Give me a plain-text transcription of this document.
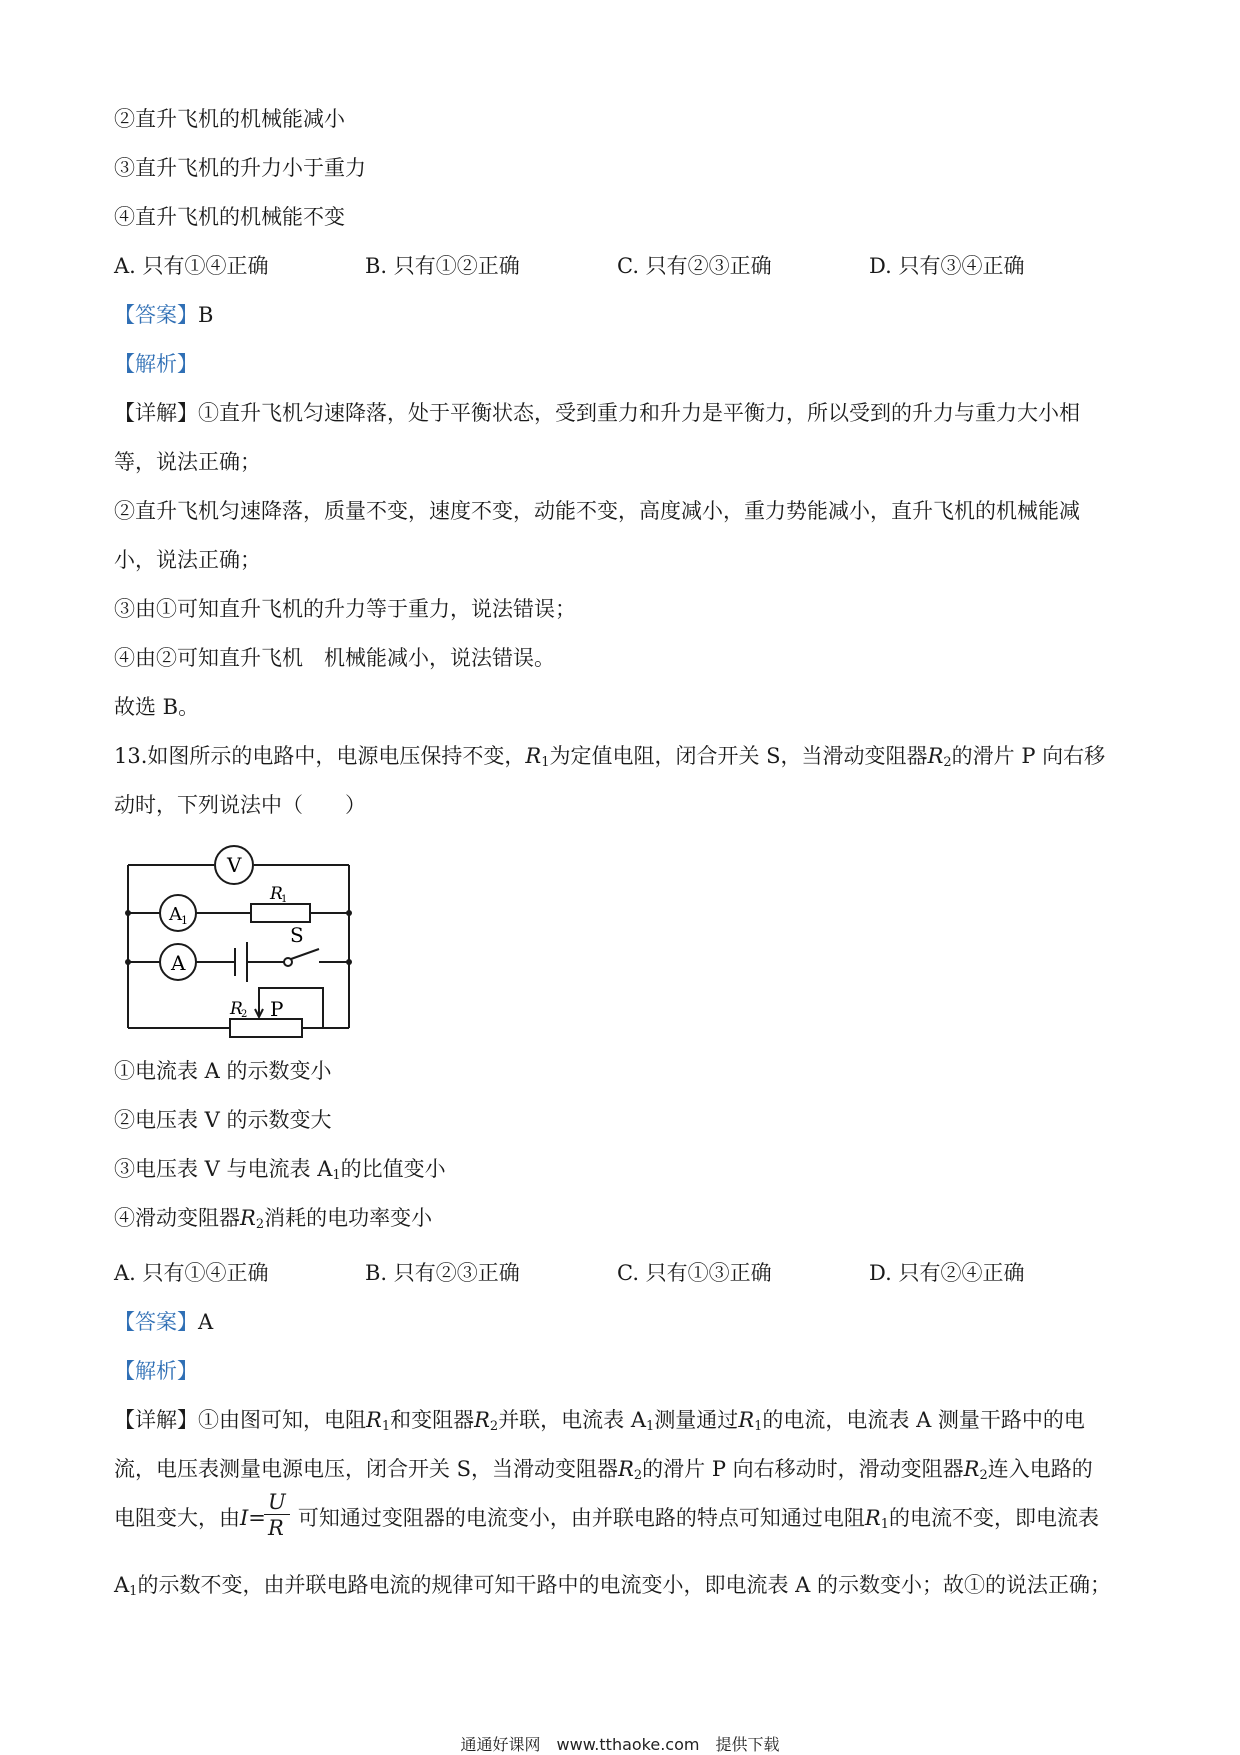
②直升飞机的机械能减小
③直升飞机的升力小于重力
④直升飞机的机械能不变
A. 只有①④正确	B. 只有①②正确	C. 只有②③正确	D. 只有③④正确
【答案】B
【解析】
【详解】①直升飞机匀速降落，处于平衡状态，受到重力和升力是平衡力，所以受到的升力与重力大小相
等，说法正确；
②直升飞机匀速降落，质量不变，速度不变，动能不变，高度减小，重力势能减小，直升飞机的机械能减
小，说法正确；
③由①可知直升飞机的升力等于重力，说法错误；
④由②可知直升飞机　机械能减小，说法错误。
故选 B。
13.如图所示的电路中，电源电压保持不变，R1为定值电阻，闭合开关 S，当滑动变阻器R2的滑片 P 向右移
动时，下列说法中（　　）
V
A 1
A
R
1
S
R
2 P
①电流表 A 的示数变小
②电压表 V 的示数变大
③电压表 V 与电流表 A1的比值变小
④滑动变阻器R2消耗的电功率变小
A. 只有①④正确	B. 只有②③正确	C. 只有①③正确	D. 只有②④正确
【答案】A
【解析】
【详解】①由图可知，电阻R1和变阻器R2并联，电流表 A1测量通过R1的电流，电流表 A 测量干路中的电
流，电压表测量电源电压，闭合开关 S，当滑动变阻器R2的滑片 P 向右移动时，滑动变阻器R2连入电路的
电阻变大，由I= 可知通过变阻器的电流变小，由并联电路的特点可知通过电阻R1的电流不变，即电流表
U
R
A1的示数不变，由并联电路电流的规律可知干路中的电流变小，即电流表 A 的示数变小；故①的说法正确；
通通好课网　www.tthaoke.com　提供下载
